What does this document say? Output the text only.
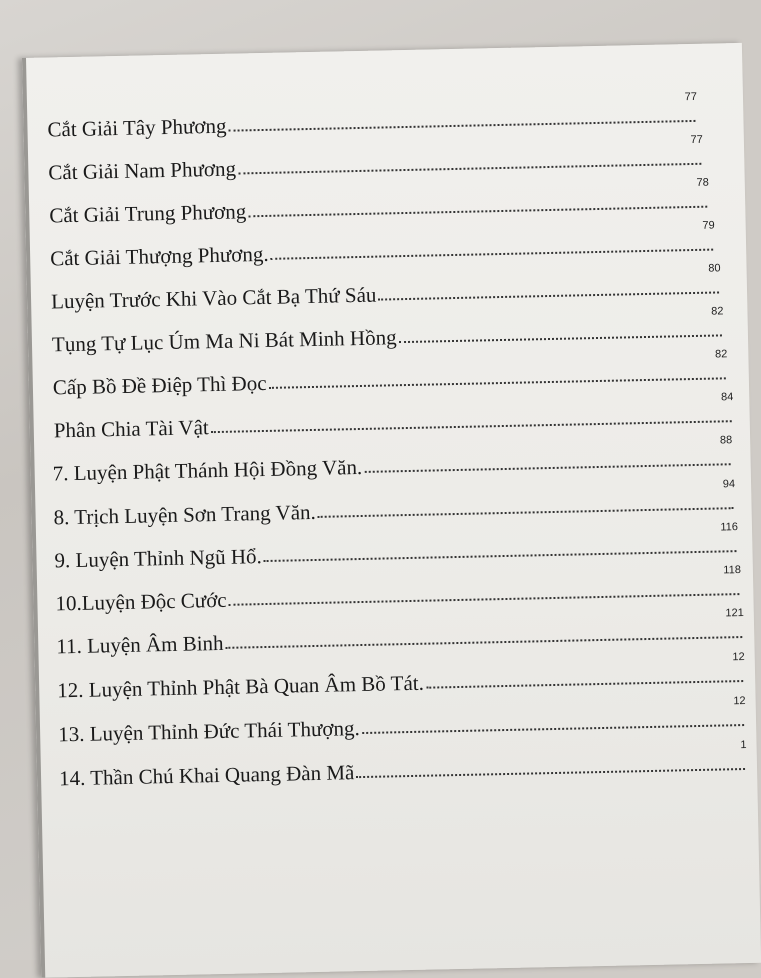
Cắt Giải Tây Phương
77
Cắt Giải Nam Phương
77
Cắt Giải Trung Phương
78
Cắt Giải Thượng Phương.
79
Luyện Trước Khi Vào Cắt Bạ Thứ Sáu
80
Tụng Tự Lục Úm Ma Ni Bát Minh Hồng
82
Cấp Bồ Đề Điệp Thì Đọc
82
Phân Chia Tài Vật
84
7. Luyện Phật Thánh Hội Đồng Văn.
88
8. Trịch Luyện Sơn Trang Văn.
94
9. Luyện Thỉnh Ngũ Hổ.
116
10.Luyện Độc Cước
118
11. Luyện Âm Binh
121
12. Luyện Thỉnh Phật Bà Quan Âm Bồ Tát.
12
13. Luyện Thỉnh Đức Thái Thượng.
12
14. Thần Chú Khai Quang Đàn Mã
1
